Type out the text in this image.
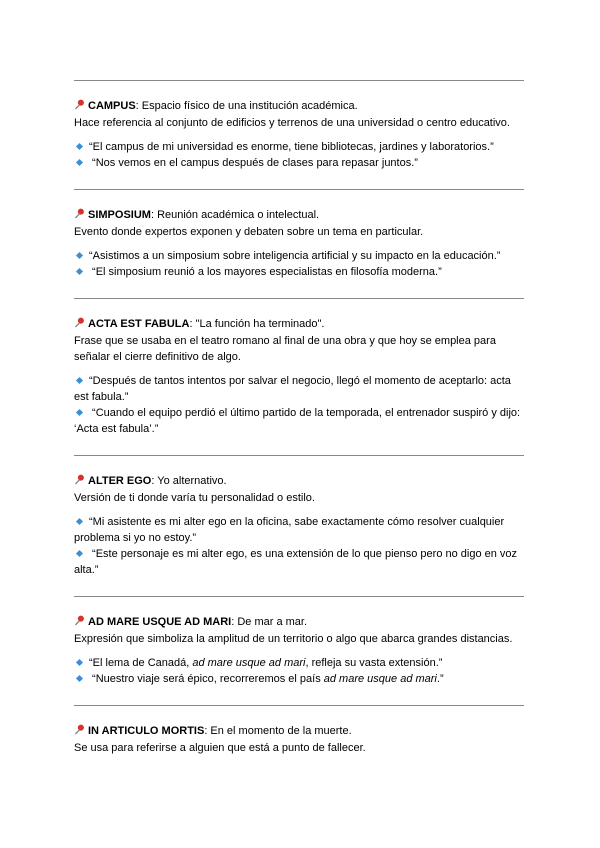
CAMPUS: Espacio físico de una institución académica.

Hace referencia al conjunto de edificios y terrenos de una universidad o centro educativo.

“El campus de mi universidad es enorme, tiene bibliotecas, jardines y laboratorios.”
“Nos vemos en el campus después de clases para repasar juntos.”

SIMPOSIUM: Reunión académica o intelectual.

Evento donde expertos exponen y debaten sobre un tema en particular.

“Asistimos a un simposium sobre inteligencia artificial y su impacto en la educación.”
“El simposium reunió a los mayores especialistas en filosofía moderna.”

ACTA EST FABULA: "La función ha terminado".

Frase que se usaba en el teatro romano al final de una obra y que hoy se emplea para señalar el cierre definitivo de algo.

“Después de tantos intentos por salvar el negocio, llegó el momento de aceptarlo: acta est fabula.”
“Cuando el equipo perdió el último partido de la temporada, el entrenador suspiró y dijo: ‘Acta est fabula’.”

ALTER EGO: Yo alternativo.

Versión de ti donde varía tu personalidad o estilo.

“Mi asistente es mi alter ego en la oficina, sabe exactamente cómo resolver cualquier problema si yo no estoy.”
“Este personaje es mi alter ego, es una extensión de lo que pienso pero no digo en voz alta.”

AD MARE USQUE AD MARI: De mar a mar.

Expresión que simboliza la amplitud de un territorio o algo que abarca grandes distancias.

“El lema de Canadá, ad mare usque ad mari, refleja su vasta extensión.”
“Nuestro viaje será épico, recorreremos el país ad mare usque ad mari.”

IN ARTICULO MORTIS: En el momento de la muerte.

Se usa para referirse a alguien que está a punto de fallecer.
